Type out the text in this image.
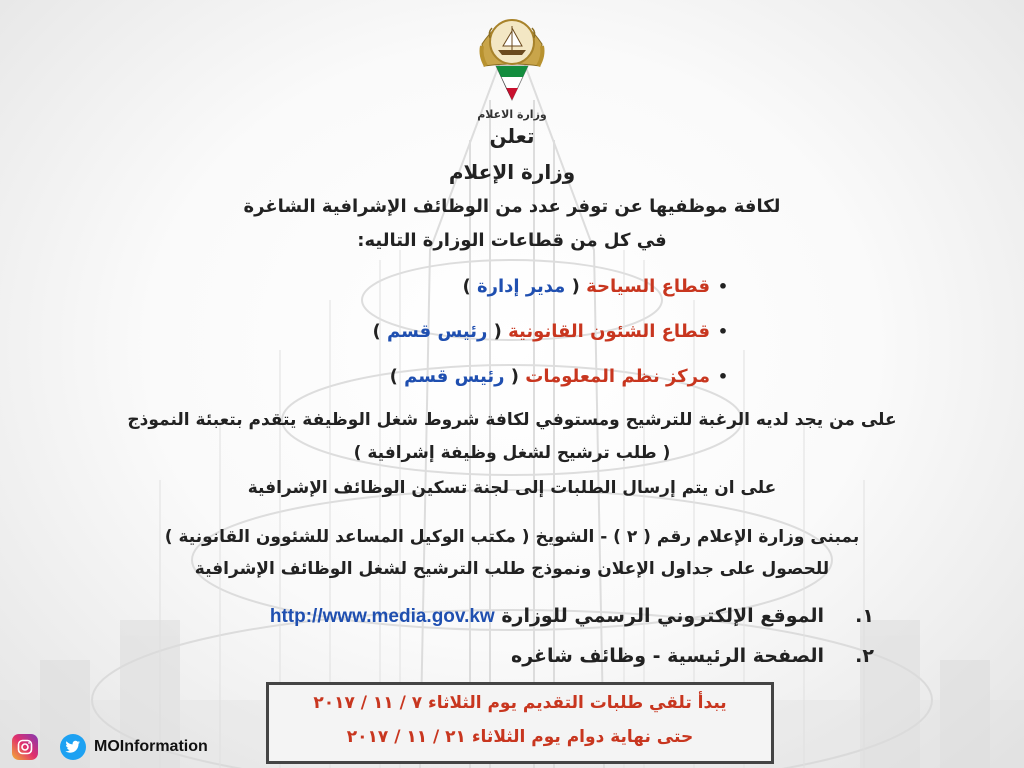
وزارة الاعلام
تعلن
وزارة الإعلام
لكافة موظفيها عن توفر عدد من الوظائف الإشرافية الشاغرة
في كل من قطاعات الوزارة التاليه:
•قطاع السياحة ( مدير إدارة )
•قطاع الشئون القانونية ( رئيس قسم )
•مركز نظم المعلومات ( رئيس قسم )
على من يجد لديه الرغبة للترشيح ومستوفي لكافة شروط شغل الوظيفة يتقدم بتعبئة النموذج
( طلب ترشيح لشغل وظيفة إشرافية )
على ان يتم إرسال الطلبات إلى لجنة تسكين الوظائف الإشرافية
بمبنى وزارة الإعلام رقم ( ٢ ) - الشويخ ( مكتب الوكيل المساعد للشئوون القانونية )
للحصول على جداول الإعلان ونموذج طلب الترشيح لشغل الوظائف الإشرافية
١.الموقع الإلكتروني الرسمي للوزارة http://www.media.gov.kw
٢.الصفحة الرئيسية - وظائف شاغره
يبدأ تلقي طلبات التقديم يوم الثلاثاء ٧ / ١١ / ٢٠١٧
حتى نهاية دوام يوم الثلاثاء ٢١ / ١١ / ٢٠١٧
MOInformation
